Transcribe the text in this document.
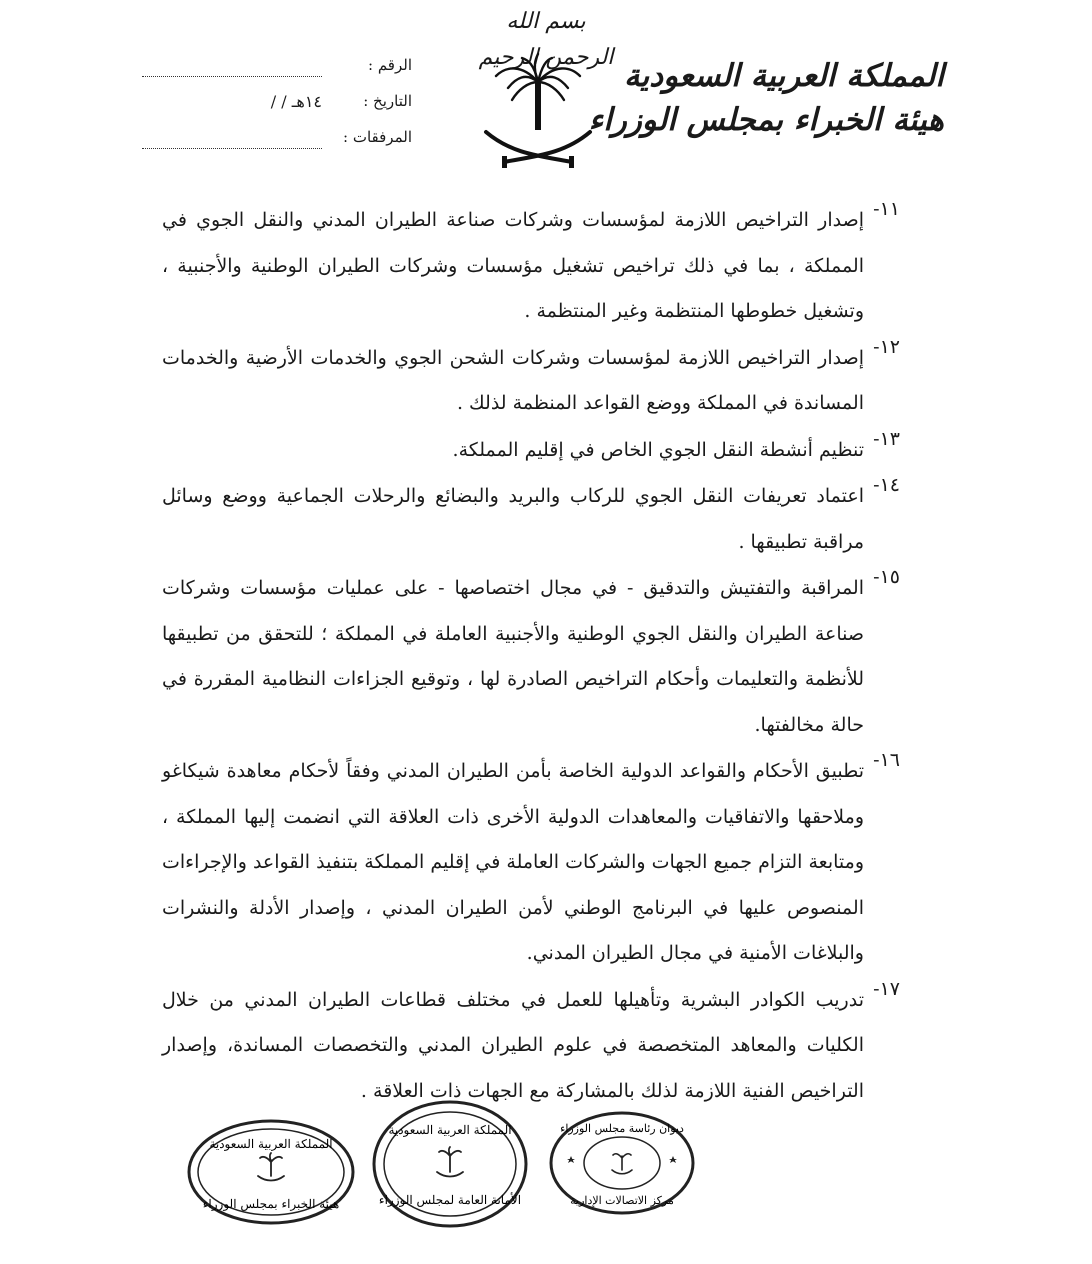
بسم الله الرحمن الرحيم
المملكة العربية السعودية
هيئة الخبراء بمجلس الوزراء
الرقم :
التاريخ :
/ / ١٤هـ
المرفقات :
١١-

إصدار التراخيص اللازمة لمؤسسات وشركات صناعة الطيران المدني والنقل الجوي في المملكة ، بما في ذلك تراخيص تشغيل مؤسسات وشركات الطيران الوطنية والأجنبية ، وتشغيل خطوطها المنتظمة وغير المنتظمة .

١٢-

إصدار التراخيص اللازمة لمؤسسات وشركات الشحن الجوي والخدمات الأرضية والخدمات المساندة في المملكة ووضع القواعد المنظمة لذلك .

١٣-

تنظيم أنشطة النقل الجوي الخاص في إقليم المملكة.

١٤-

اعتماد تعريفات النقل الجوي للركاب والبريد والبضائع والرحلات الجماعية ووضع وسائل مراقبة تطبيقها .

١٥-

المراقبة والتفتيش والتدقيق - في مجال اختصاصها - على عمليات مؤسسات وشركات صناعة الطيران والنقل الجوي الوطنية والأجنبية العاملة في المملكة ؛ للتحقق من تطبيقها للأنظمة والتعليمات وأحكام التراخيص الصادرة لها ، وتوقيع الجزاءات النظامية المقررة في حالة مخالفتها.

١٦-

تطبيق الأحكام والقواعد الدولية الخاصة بأمن الطيران المدني وفقاً لأحكام معاهدة شيكاغو وملاحقها والاتفاقيات والمعاهدات الدولية الأخرى ذات العلاقة التي انضمت إليها المملكة ، ومتابعة التزام جميع الجهات والشركات العاملة في إقليم المملكة بتنفيذ القواعد والإجراءات المنصوص عليها في البرنامج الوطني لأمن الطيران المدني ، وإصدار الأدلة والنشرات والبلاغات الأمنية في مجال الطيران المدني.

١٧-

تدريب الكوادر البشرية وتأهيلها للعمل في مختلف قطاعات الطيران المدني من خلال الكليات والمعاهد المتخصصة في علوم الطيران المدني والتخصصات المساندة، وإصدار التراخيص الفنية اللازمة لذلك بالمشاركة مع الجهات ذات العلاقة .

المملكة العربية السعودية
هيئة الخبراء بمجلس الوزراء
المملكة العربية السعودية
الأمانة العامة لمجلس الوزراء
ديوان رئاسة مجلس الوزراء
مركز الاتصالات الإدارية
